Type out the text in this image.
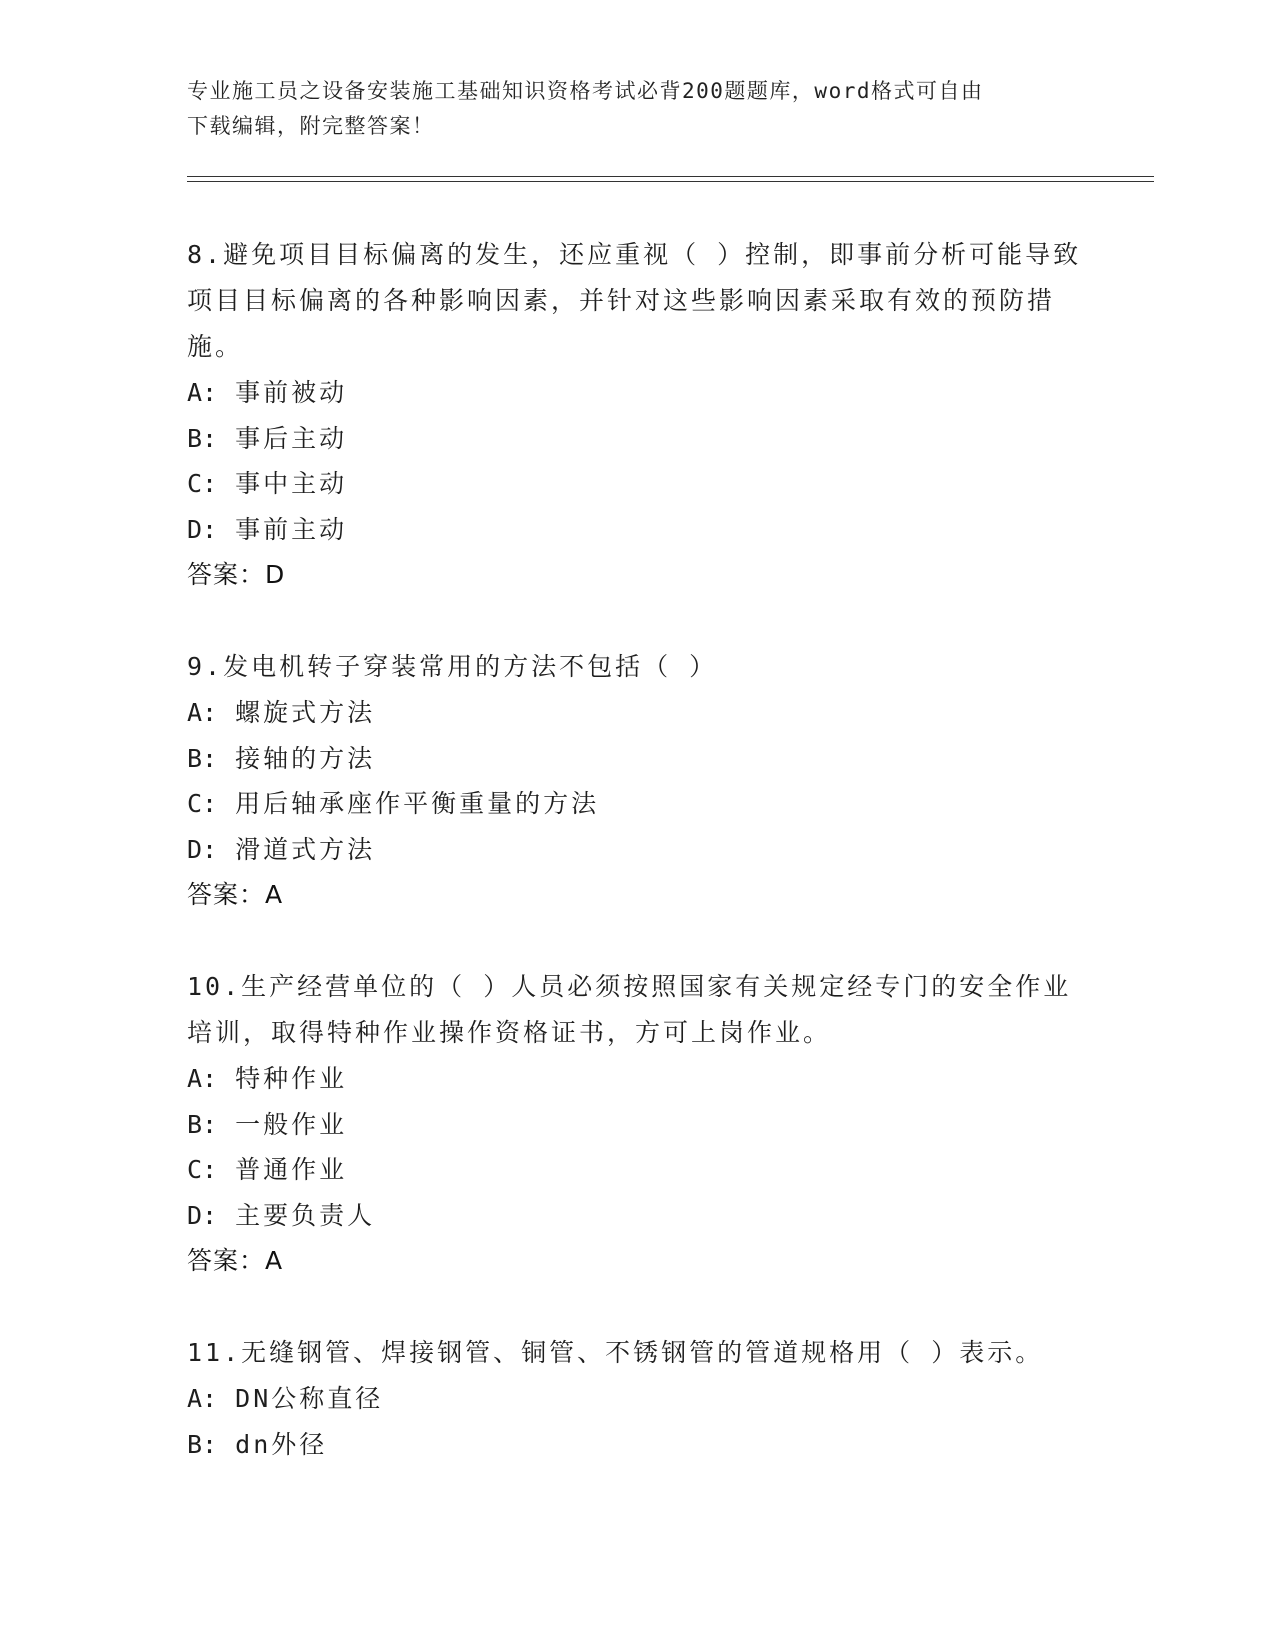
专业施工员之设备安装施工基础知识资格考试必背200题题库，word格式可自由
下载编辑，附完整答案！
8.避免项目目标偏离的发生，还应重视（ ）控制，即事前分析可能导致项目目标偏离的各种影响因素，并针对这些影响因素采取有效的预防措施。
A: 事前被动
B: 事后主动
C: 事中主动
D: 事前主动
答案：D
9.发电机转子穿装常用的方法不包括（ ）
A: 螺旋式方法
B: 接轴的方法
C: 用后轴承座作平衡重量的方法
D: 滑道式方法
答案：A
10.生产经营单位的（ ）人员必须按照国家有关规定经专门的安全作业培训，取得特种作业操作资格证书，方可上岗作业。
A: 特种作业
B: 一般作业
C: 普通作业
D: 主要负责人
答案：A
11.无缝钢管、焊接钢管、铜管、不锈钢管的管道规格用（ ）表示。
A: DN公称直径
B: dn外径
